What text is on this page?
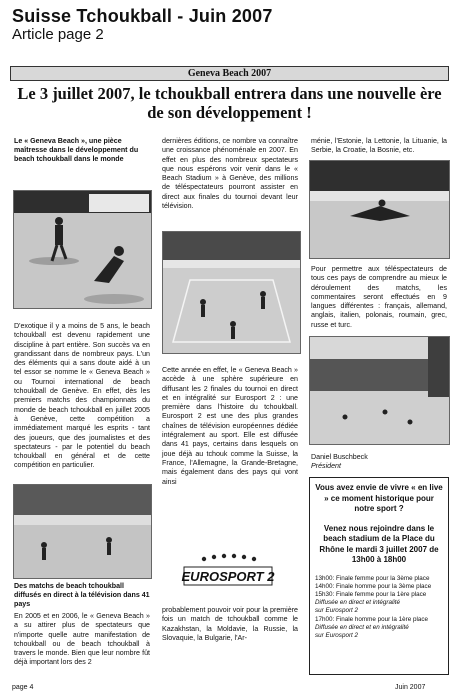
Suisse Tchoukball - Juin 2007
Article page 2
Geneva Beach 2007
Le 3 juillet 2007, le tchoukball entrera dans une nouvelle ère de son développement !
Le « Geneva Beach », une pièce maîtresse dans le développement du beach tchoukball dans le monde

D'exotique il y a moins de 5 ans, le beach tchoukball est devenu rapidement une discipline à part entière. Son succès va en grandissant dans de nombreux pays. L'un des éléments qui a sans doute aidé à un tel essor se nomme le « Geneva Beach » ou Tournoi international de beach tchoukball de Genève. En effet, dès les premiers matchs des championnats du monde de beach tchoukball en juillet 2005 à Genève, cette compétition a immédiatement marqué les esprits - tant des joueurs, que des journalistes et des spectateurs - par le potentiel du beach tchoukball en général et de cette compétition en particulier.

Des matchs de beach tchoukball diffusés en direct à la télévision dans 41 pays

En 2005 et en 2006, le « Geneva Beach » a su attirer plus de spectateurs que n'importe quelle autre manifestation de tchoukball ou de beach tchoukball à travers le monde. Bien que leur nombre fût déjà important lors des 2

dernières éditions, ce nombre va connaître une croissance phénoménale en 2007. En effet en plus des nombreux spectateurs que nous espérons voir venir dans le « Beach Stadium » à Genève, des millions de téléspectateurs pourront assister en direct aux finales du tournoi devant leur télévision.

Cette année en effet, le « Geneva Beach » accède à une sphère supérieure en diffusant les 2 finales du tournoi en direct et en intégralité sur Eurosport 2 : une première dans l'histoire du tchoukball. Eurosport 2 est une des plus grandes chaînes de télévision européennes dédiée intégralement au sport. Elle est diffusée dans 41 pays, certains dans lesquels on joue déjà au tchouk comme la Suisse, la France, l'Allemagne, la Grande-Bretagne, mais également dans des pays qui vont ainsi

EUROSPORT 2

probablement pouvoir voir pour la première fois un match de tchoukball comme le Kazakhstan, la Moldavie, la Russie, la Slovaquie, la Bulgarie, l'Ar-

ménie, l'Estonie, la Lettonie, la Lituanie, la Serbie, la Croatie, la Bosnie, etc.

Pour permettre aux téléspectateurs de tous ces pays de comprendre au mieux le déroulement des matchs, les commentaires seront effectués en 9 langues différentes : français, allemand, anglais, italien, polonais, roumain, grec, russe et turc.

Daniel Buschbeck
Président
Vous avez envie de vivre « en live » ce moment historique pour notre sport ?
Venez nous rejoindre dans le beach stadium de la Place du Rhône le mardi 3 juillet 2007 de 13h00 à 18h00
13h00: Finale femme pour la 3ème place
14h00: Finale homme pour la 3ème place
15h30: Finale femme pour la 1ère place
Diffusée en direct et intégralité
sur Eurosport 2
17h00: Finale homme pour la 1ère place
Diffusée en direct et en intégralité
sur Eurosport 2
page 4	Juin 2007
